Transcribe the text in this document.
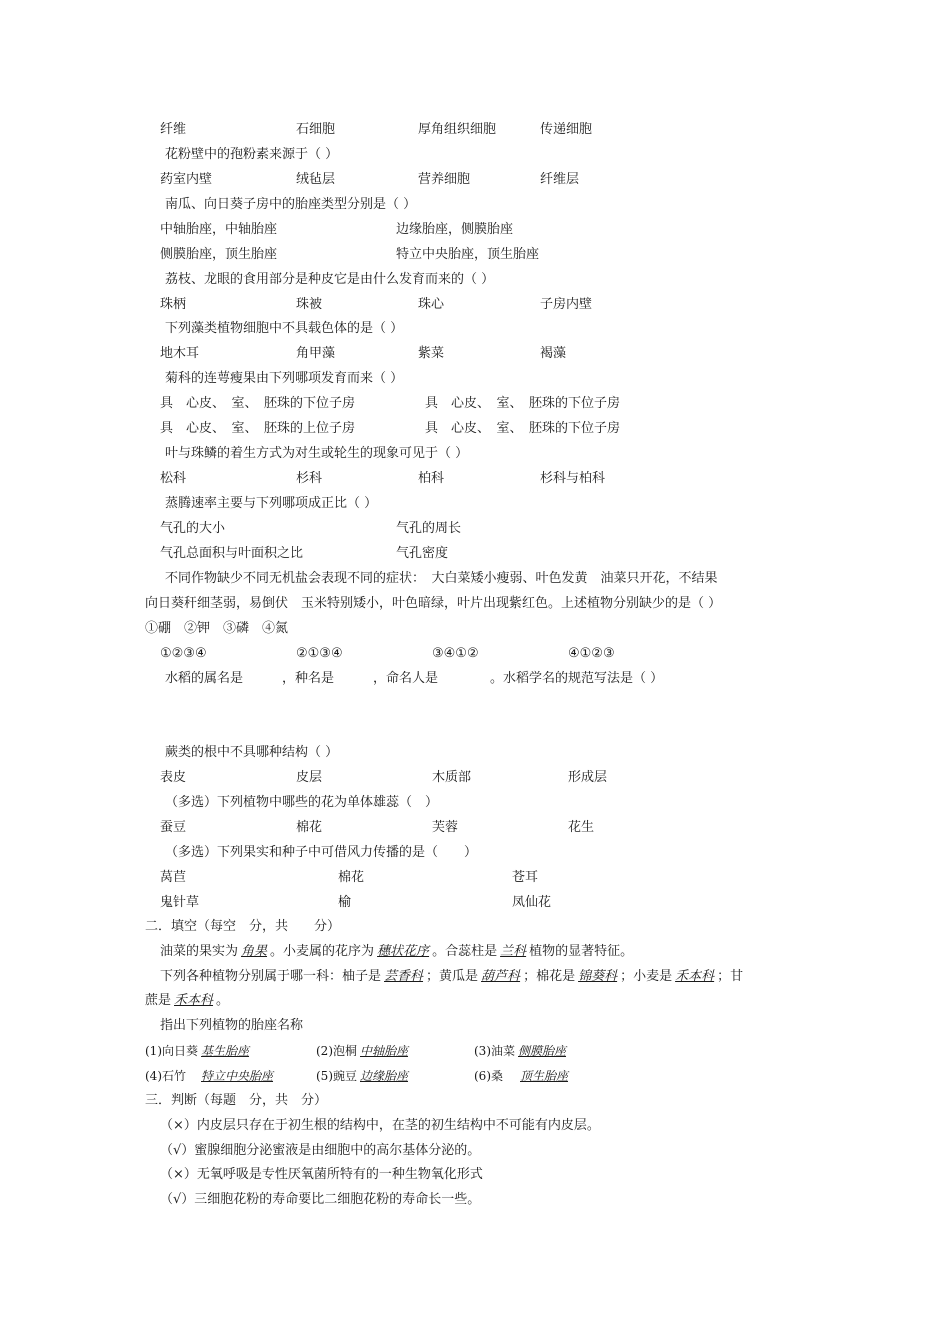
纤维	石细胞	厚角组织细胞	传递细胞
花粉壁中的孢粉素来源于（ ）
药室内壁	绒毡层	营养细胞	纤维层
南瓜、向日葵子房中的胎座类型分别是（ ）
中轴胎座，中轴胎座	边缘胎座，侧膜胎座
侧膜胎座，顶生胎座	特立中央胎座，顶生胎座
荔枝、龙眼的食用部分是种皮它是由什么发育而来的（ ）
珠柄	珠被	珠心	子房内壁
下列藻类植物细胞中不具载色体的是（ ）
地木耳	角甲藻	紫菜	褐藻
菊科的连萼瘦果由下列哪项发育而来（ ）
具　心皮、　室、　胚珠的下位子房	具　心皮、　室、　胚珠的下位子房
具　心皮、　室、　胚珠的上位子房	具　心皮、　室、　胚珠的下位子房
叶与珠鳞的着生方式为对生或轮生的现象可见于（ ）
松科	杉科	柏科	杉科与柏科
蒸腾速率主要与下列哪项成正比（ ）
气孔的大小	气孔的周长
气孔总面积与叶面积之比	气孔密度
不同作物缺少不同无机盐会表现不同的症状：　大白菜矮小瘦弱、叶色发黄　油菜只开花，不结果
向日葵秆细茎弱，易倒伏　玉米特别矮小，叶色暗绿，叶片出现紫红色。上述植物分别缺少的是（ ）
①硼　②钾　③磷　④氮
①②③④	②①③④	③④①②	④①②③
水稻的属名是　　　，种名是　　　，命名人是　　　　。水稻学名的规范写法是（ ）
蕨类的根中不具哪种结构（ ）
表皮	皮层	木质部	形成层
（多选）下列植物中哪些的花为单体雄蕊（　）
蚕豆	棉花	芙蓉	花生
（多选）下列果实和种子中可借风力传播的是（　　）
莴苣	棉花	苍耳
鬼针草	榆	凤仙花
二．填空（每空　分，共　　分）
油菜的果实为 角果 。小麦属的花序为 穗状花序 。合蕊柱是 兰科 植物的显著特征。
下列各种植物分别属于哪一科：柚子是 芸香科 ；黄瓜是 葫芦科 ；棉花是 锦葵科 ；小麦是 禾本科 ；甘
蔗是 禾本科 。
指出下列植物的胎座名称
(1)向日葵 基生胎座	(2)泡桐 中轴胎座	(3)油菜 侧膜胎座
(4)石竹 特立中央胎座	(5)豌豆 边缘胎座	(6)桑 顶生胎座
三．判断（每题　分，共　分）
（×）内皮层只存在于初生根的结构中，在茎的初生结构中不可能有内皮层。
（√）蜜腺细胞分泌蜜液是由细胞中的高尔基体分泌的。
（×）无氧呼吸是专性厌氧菌所特有的一种生物氧化形式
（√）三细胞花粉的寿命要比二细胞花粉的寿命长一些。
